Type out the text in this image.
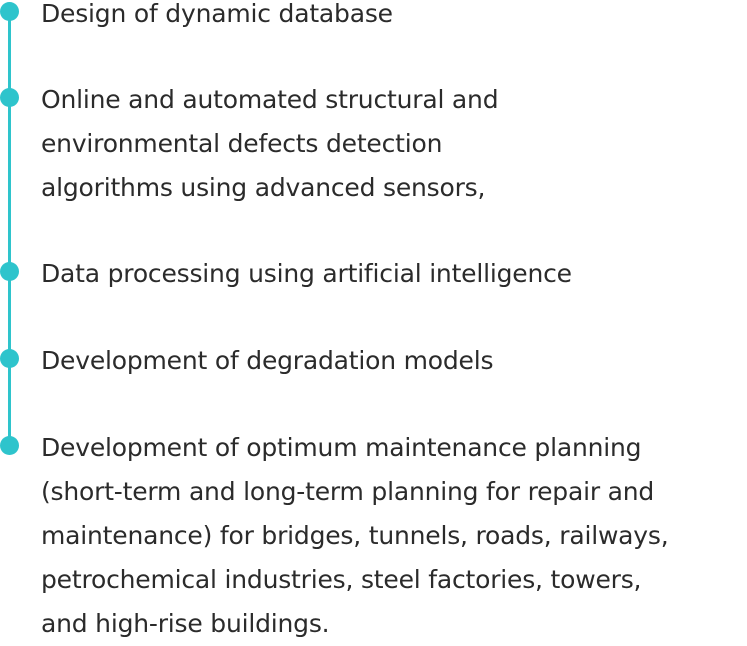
Design of dynamic database
Online and automated structural and
environmental defects detection
algorithms using advanced sensors,
Data processing using artificial intelligence
Development of degradation models
Development of optimum maintenance planning
(short-term and long-term planning for repair and
maintenance) for bridges, tunnels, roads, railways,
petrochemical industries, steel factories, towers,
and high-rise buildings.
